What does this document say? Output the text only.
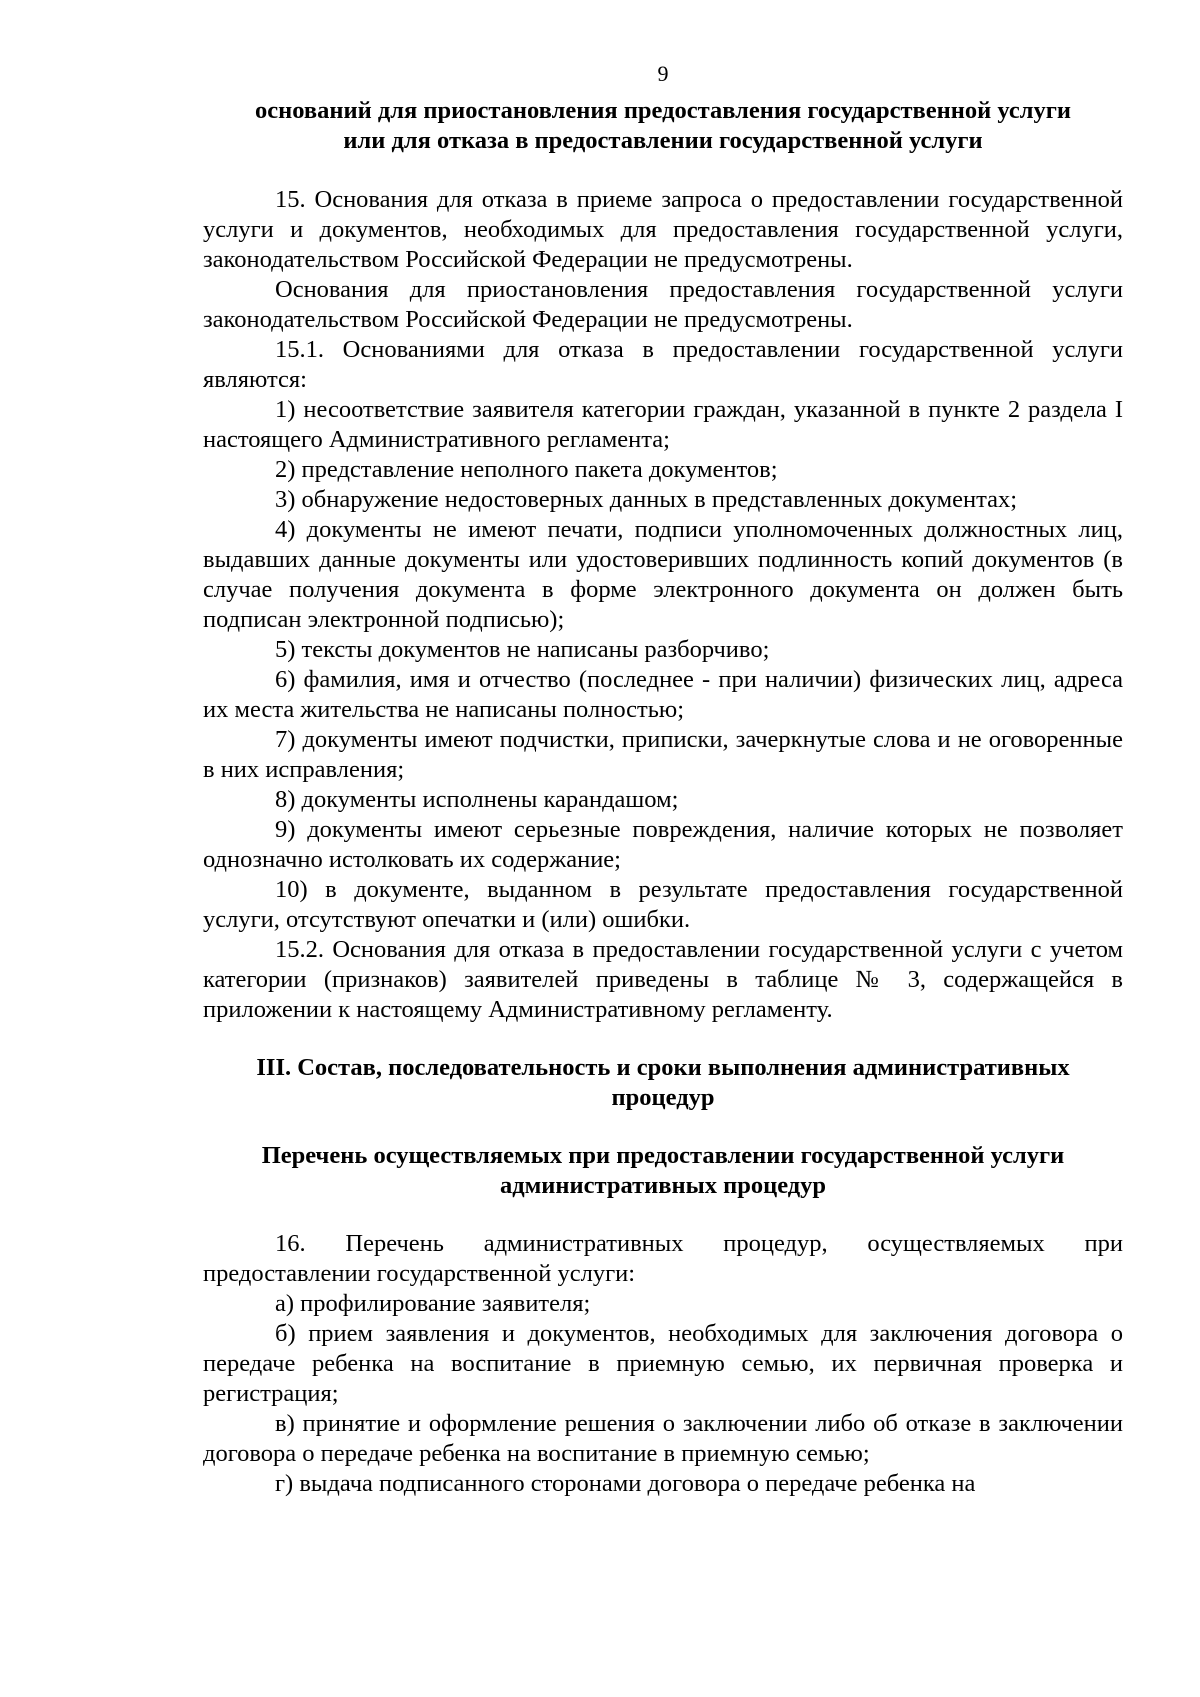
9
оснований для приостановления предоставления государственной услуги
или для отказа в предоставлении государственной услуги

15. Основания для отказа в приеме запроса о предоставлении государственной услуги и документов, необходимых для предоставления государственной услуги, законодательством Российской Федерации не предусмотрены.

Основания для приостановления предоставления государственной услуги законодательством Российской Федерации не предусмотрены.

15.1. Основаниями для отказа в предоставлении государственной услуги являются:

1) несоответствие заявителя категории граждан, указанной в пункте 2 раздела I настоящего Административного регламента;

2) представление неполного пакета документов;

3) обнаружение недостоверных данных в представленных документах;

4) документы не имеют печати, подписи уполномоченных должностных лиц, выдавших данные документы или удостоверивших подлинность копий документов (в случае получения документа в форме электронного документа он должен быть подписан электронной подписью);

5) тексты документов не написаны разборчиво;

6) фамилия, имя и отчество (последнее - при наличии) физических лиц, адреса их места жительства не написаны полностью;

7) документы имеют подчистки, приписки, зачеркнутые слова и не оговоренные в них исправления;

8) документы исполнены карандашом;

9) документы имеют серьезные повреждения, наличие которых не позволяет однозначно истолковать их содержание;

10) в документе, выданном в результате предоставления государственной услуги, отсутствуют опечатки и (или) ошибки.

15.2. Основания для отказа в предоставлении государственной услуги с учетом категории (признаков) заявителей приведены в таблице № 3, содержащейся в приложении к настоящему Административному регламенту.

III. Состав, последовательность и сроки выполнения административных
процедур
Перечень осуществляемых при предоставлении государственной услуги
административных процедур

16. Перечень административных процедур, осуществляемых при предоставлении государственной услуги:

а) профилирование заявителя;

б) прием заявления и документов, необходимых для заключения договора о передаче ребенка на воспитание в приемную семью, их первичная проверка и регистрация;

в) принятие и оформление решения о заключении либо об отказе в заключении договора о передаче ребенка на воспитание в приемную семью;

г) выдача подписанного сторонами договора о передаче ребенка на
